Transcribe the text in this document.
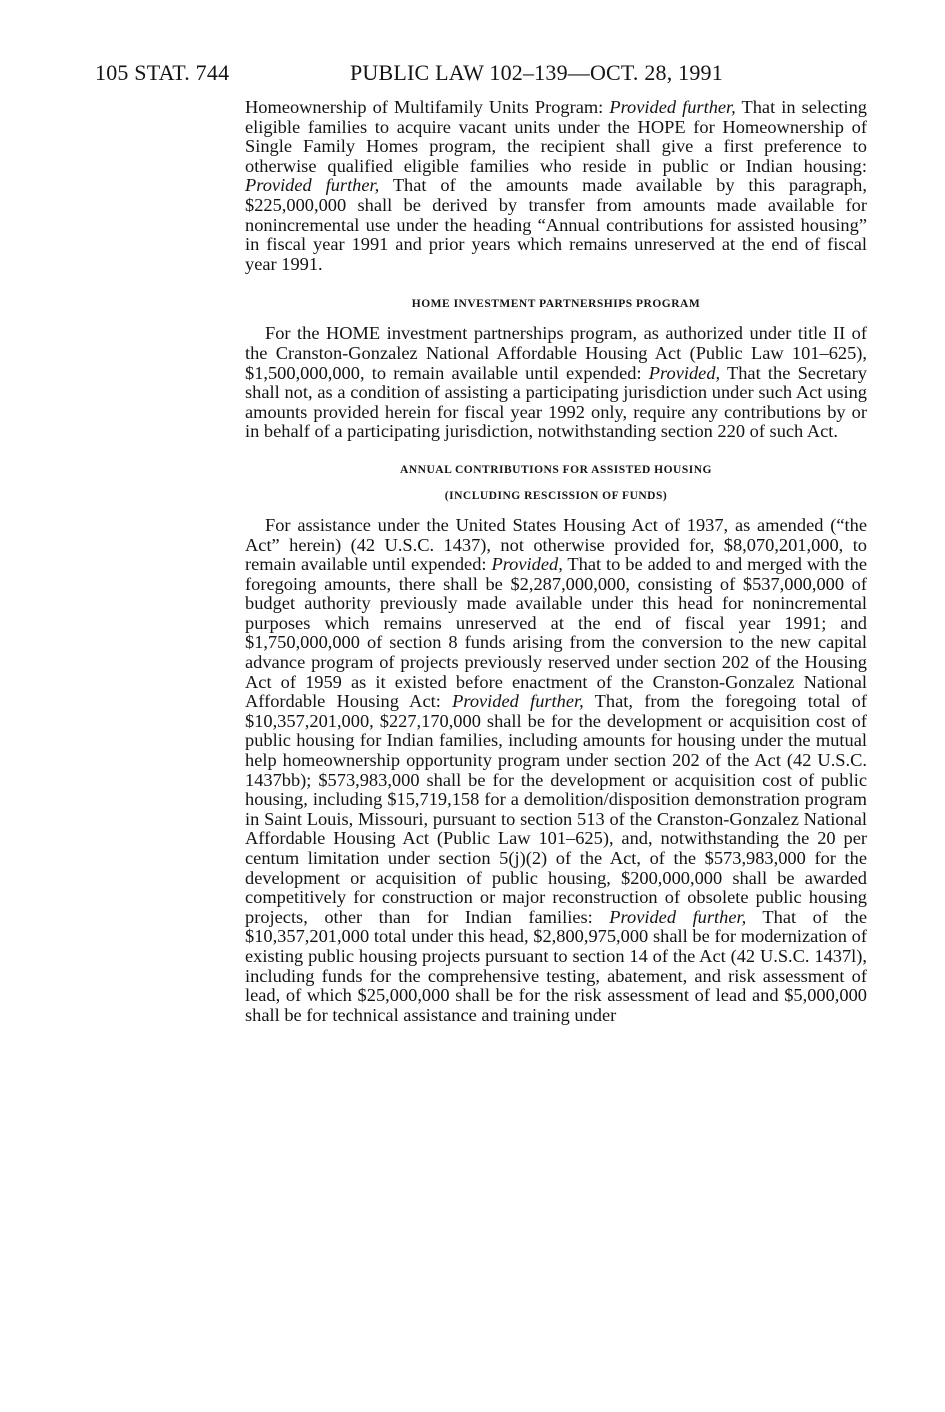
105 STAT. 744	PUBLIC LAW 102–139—OCT. 28, 1991

Homeownership of Multifamily Units Program: Provided further, That in selecting eligible families to acquire vacant units under the HOPE for Homeownership of Single Family Homes program, the recipient shall give a first preference to otherwise qualified eligible families who reside in public or Indian housing: Provided further, That of the amounts made available by this paragraph, $225,000,000 shall be derived by transfer from amounts made available for nonincremental use under the heading “Annual contributions for assisted housing” in fiscal year 1991 and prior years which remains unreserved at the end of fiscal year 1991.

HOME INVESTMENT PARTNERSHIPS PROGRAM

For the HOME investment partnerships program, as authorized under title II of the Cranston-Gonzalez National Affordable Housing Act (Public Law 101–625), $1,500,000,000, to remain available until expended: Provided, That the Secretary shall not, as a condition of assisting a participating jurisdiction under such Act using amounts provided herein for fiscal year 1992 only, require any contributions by or in behalf of a participating jurisdiction, notwithstanding section 220 of such Act.

ANNUAL CONTRIBUTIONS FOR ASSISTED HOUSING
(INCLUDING RESCISSION OF FUNDS)

For assistance under the United States Housing Act of 1937, as amended (“the Act” herein) (42 U.S.C. 1437), not otherwise provided for, $8,070,201,000, to remain available until expended: Provided, That to be added to and merged with the foregoing amounts, there shall be $2,287,000,000, consisting of $537,000,000 of budget authority previously made available under this head for nonincremental purposes which remains unreserved at the end of fiscal year 1991; and $1,750,000,000 of section 8 funds arising from the conversion to the new capital advance program of projects previously reserved under section 202 of the Housing Act of 1959 as it existed before enactment of the Cranston-Gonzalez National Affordable Housing Act: Provided further, That, from the foregoing total of $10,357,201,000, $227,170,000 shall be for the development or acquisition cost of public housing for Indian families, including amounts for housing under the mutual help homeownership opportunity program under section 202 of the Act (42 U.S.C. 1437bb); $573,983,000 shall be for the development or acquisition cost of public housing, including $15,719,158 for a demolition/disposition demonstration program in Saint Louis, Missouri, pursuant to section 513 of the Cranston-Gonzalez National Affordable Housing Act (Public Law 101–625), and, notwithstanding the 20 per centum limitation under section 5(j)(2) of the Act, of the $573,983,000 for the development or acquisition of public housing, $200,000,000 shall be awarded competitively for construction or major reconstruction of obsolete public housing projects, other than for Indian families: Provided further, That of the $10,357,201,000 total under this head, $2,800,975,000 shall be for modernization of existing public housing projects pursuant to section 14 of the Act (42 U.S.C. 1437l), including funds for the comprehensive testing, abatement, and risk assessment of lead, of which $25,000,000 shall be for the risk assessment of lead and $5,000,000 shall be for technical assistance and training under
